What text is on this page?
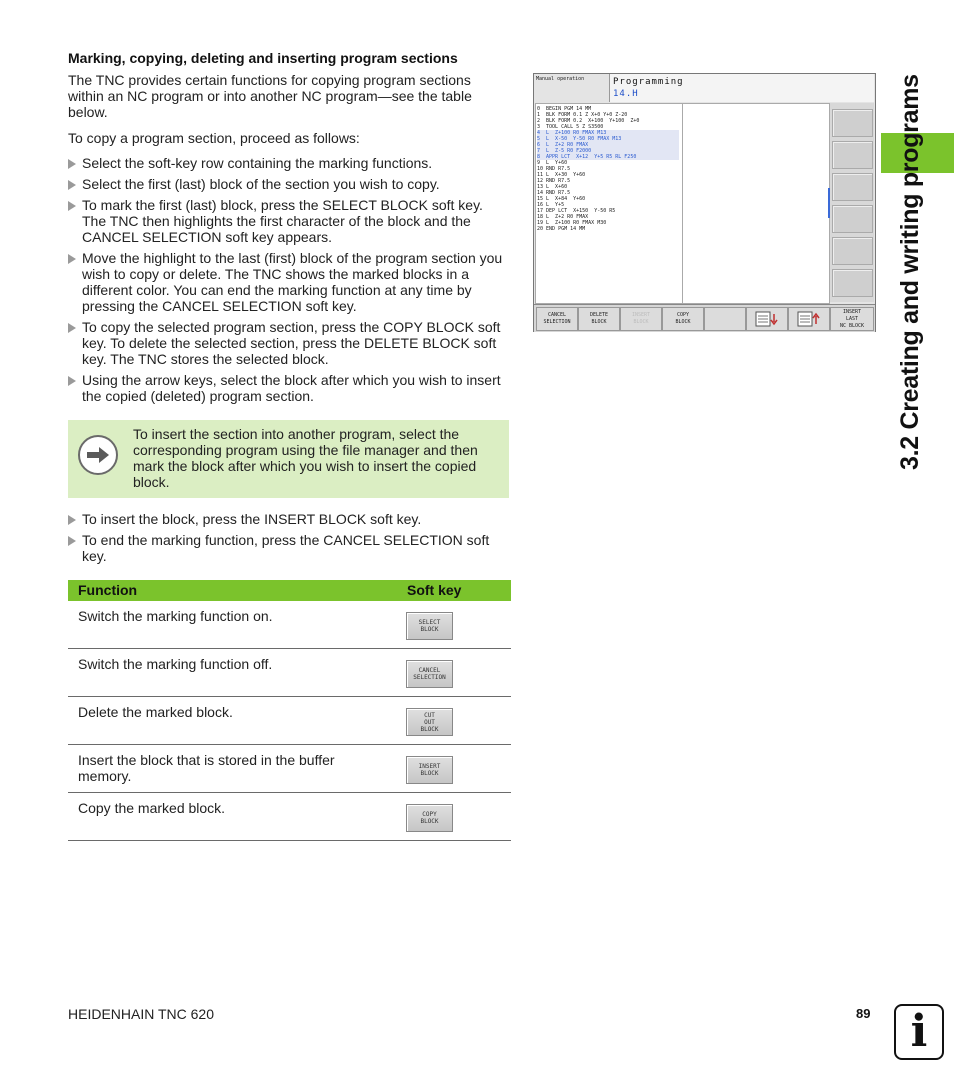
Marking, copying, deleting and inserting program sections
The TNC provides certain functions for copying program sections within an NC program or into another NC program—see the table below.
To copy a program section, proceed as follows:
Select the soft-key row containing the marking functions.
Select the first (last) block of the section you wish to copy.
To mark the first (last) block, press the SELECT BLOCK soft key. The TNC then highlights the first character of the block and the CANCEL SELECTION soft key appears.
Move the highlight to the last (first) block of the program section you wish to copy or delete. The TNC shows the marked blocks in a different color. You can end the marking function at any time by pressing the CANCEL SELECTION soft key.
To copy the selected program section, press the COPY BLOCK soft key. To delete the selected section, press the DELETE BLOCK soft key. The TNC stores the selected block.
Using the arrow keys, select the block after which you wish to insert the copied (deleted) program section.
To insert the section into another program, select the corresponding program using the file manager and then mark the block after which you wish to insert the copied block.
To insert the block, press the INSERT BLOCK soft key.
To end the marking function, press the CANCEL SELECTION soft key.
Function	Soft key
Switch the marking function on.	SELECT
BLOCK
Switch the marking function off.	CANCEL
SELECTION
Delete the marked block.	CUT
OUT
BLOCK
Insert the block that is stored in the buffer memory.
INSERT
BLOCK
Copy the marked block.	COPY
BLOCK
Manual operation	Programming
14.H
0  BEGIN PGM 14 MM
1  BLK FORM 0.1 Z X+0 Y+0 Z-20
2  BLK FORM 0.2  X+100  Y+100  Z+0
3  TOOL CALL 5 Z S3500
4  L  Z+100 R0 FMAX M13
5  L  X-50  Y-50 R0 FMAX M13
6  L  Z+2 R0 FMAX
7  L  Z-5 R0 F2000
8  APPR LCT  X+12  Y+5 R5 RL F250
9  L  Y+60
10 RND R7.5
11 L  X+30  Y+60
12 RND R7.5
13 L  X+60
14 RND R7.5
15 L  X+84  Y+60
16 L  Y+5
17 DEP LCT  X+150  Y-50 R5
18 L  Z+2 R0 FMAX
19 L  Z+100 R0 FMAX M30
20 END PGM 14 MM
CANCEL
SELECTION
DELETE
BLOCK
INSERT
BLOCK
COPY
BLOCK
INSERT
LAST
NC BLOCK 3.2 Creating and writing programs
HEIDENHAIN TNC 620	89 i
